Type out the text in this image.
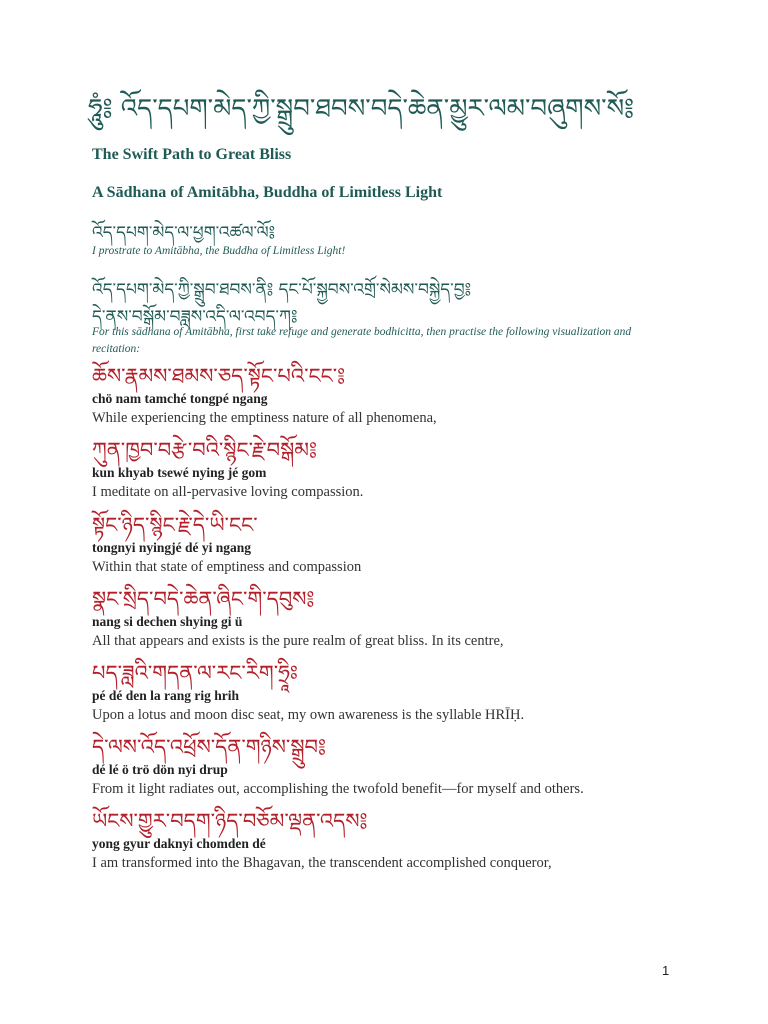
ཧཱུཾ༔ འོད་དཔག་མེད་ཀྱི་སྒྲུབ་ཐབས་བདེ་ཆེན་མྱུར་ལམ་བཞུགས་སོ༔
The Swift Path to Great Bliss
A Sādhana of Amitābha, Buddha of Limitless Light
འོད་དཔག་མེད་ལ་ཕྱག་འཚལ་ལོ༔
I prostrate to Amitābha, the Buddha of Limitless Light!
འོད་དཔག་མེད་ཀྱི་སྒྲུབ་ཐབས་ནི༔ དང་པོ་སྐྱབས་འགྲོ་སེམས་བསྐྱེད་བྱ༔
དེ་ནས་བསྒོམ་བཟླས་འདི་ལ་འབད་ཀ༔
For this sādhana of Amitābha, first take refuge and generate bodhicitta, then practise the following visualization and recitation:
ཆོས་རྣམས་ཐམས་ཅད་སྟོང་པའི་ངང་༔
chö nam tamché tongpé ngang
While experiencing the emptiness nature of all phenomena,
ཀུན་ཁྱབ་བརྩེ་བའི་སྙིང་རྗེ་བསྒོམ༔
kun khyab tsewé nying jé gom
I meditate on all-pervasive loving compassion.
སྟོང་ཉིད་སྙིང་རྗེ་དེ་ཡི་ངང་
tongnyi nyingjé dé yi ngang
Within that state of emptiness and compassion
སྣང་སྲིད་བདེ་ཆེན་ཞིང་གི་དབུས༔
nang si dechen shying gi ü
All that appears and exists is the pure realm of great bliss. In its centre,
པད་ཟླའི་གདན་ལ་རང་རིག་ཧྲཱིཿ
pé dé den la rang rig hrih
Upon a lotus and moon disc seat, my own awareness is the syllable HRĪḤ.
དེ་ལས་འོད་འཕྲོས་དོན་གཉིས་སྒྲུབ༔
dé lé ö trö dön nyi drup
From it light radiates out, accomplishing the twofold benefit—for myself and others.
ཡོངས་གྱུར་བདག་ཉིད་བཅོམ་ལྡན་འདས༔
yong gyur daknyi chomden dé
I am transformed into the Bhagavan, the transcendent accomplished conqueror,
1
